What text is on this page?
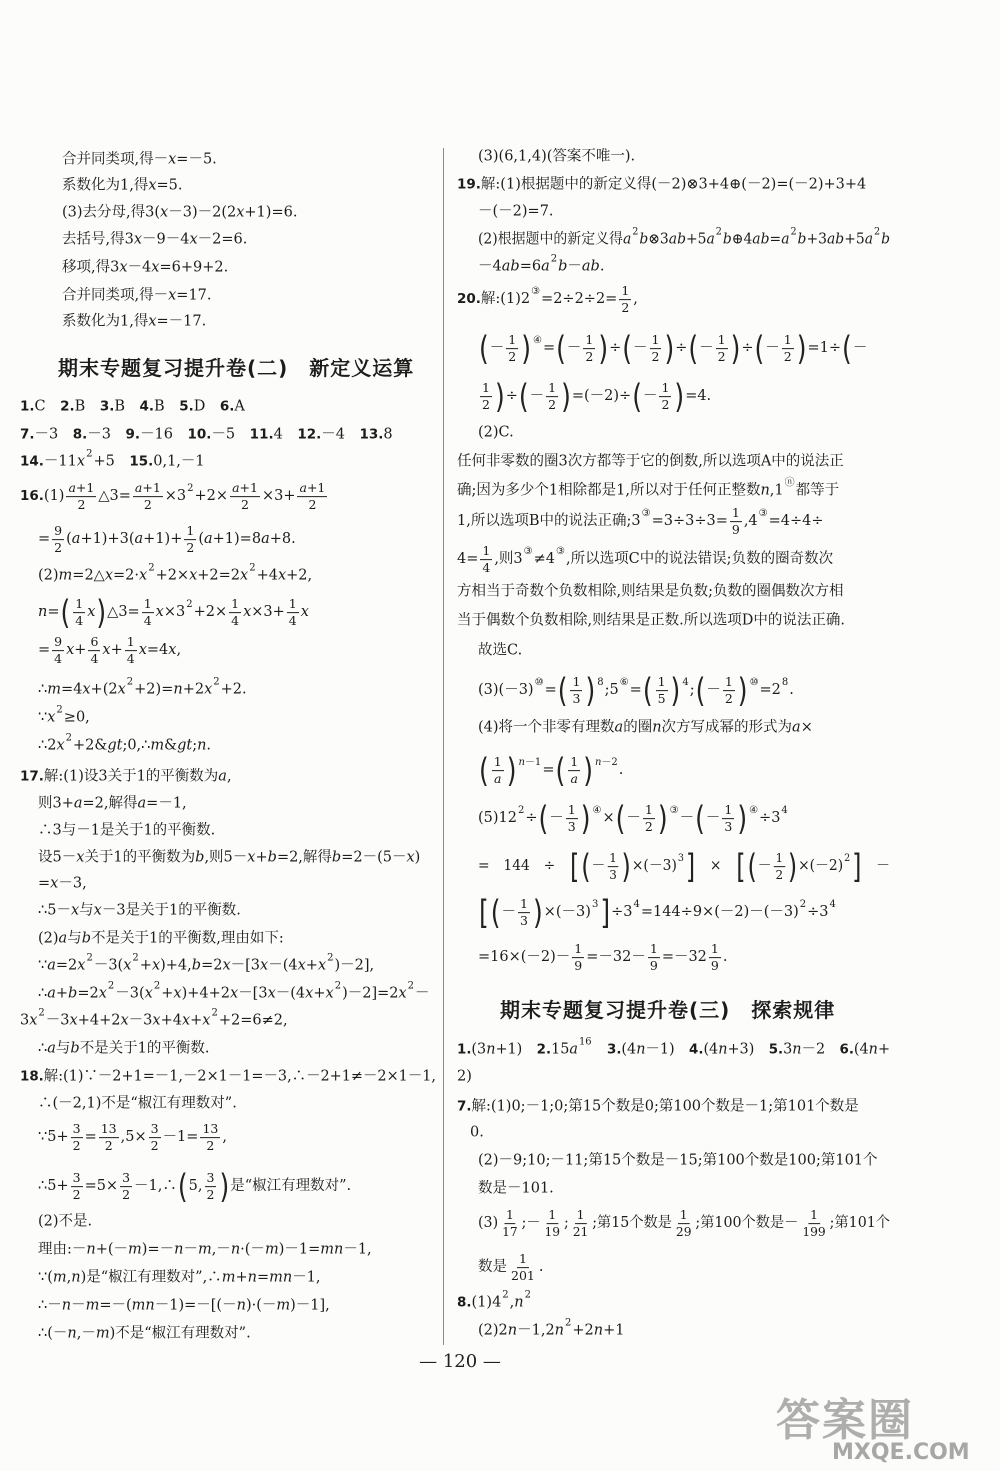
合并同类项,得－x=－5.
系数化为1,得x=5.
(3)去分母,得3(x－3)－2(2x+1)=6.
去括号,得3x－9－4x－2=6.
移项,得3x－4x=6+9+2.
合并同类项,得－x=17.
系数化为1,得x=－17.
期末专题复习提升卷(二)　新定义运算
1. C　 2. B　 3. B　 4. B　 5. D　 6. A
7. －3　 8. －3　 9. －16　 10. －5　 11. 4　 12. －4　 13. 8
14. －11x 2 +5　 15. 0,1,－1
16. $(1) \frac{a+1}{2}$ △3= $\frac{a+1}{2} \times 3$ $2 +2\times \frac{a+1}{2} \times 3+ \frac{a+1}{2}$
= $\frac{9}{2} (a+1)+3(a+1)+ \frac{1}{2} (a+1)=8a+8$.
(2)m=2△x=2·x 2 +2×x+2=2x 2 +4x+2,
n= ( $\frac{1}{4}$ x ) △3= $\frac{1}{4} x\times 3$ $2 +2\times \frac{1}{4} x\times 3+ \frac{1}{4}$ x
= $\frac{9}{4} x+ \frac{6}{4} x+ \frac{1}{4} x=4x$,
∴m=4x+(2x 2 +2)=n+2x 2 +2.
∵x 2 ≥0,
∴2x 2 +2&gt;0,∴m&gt;n.
17. 解:(1)设3关于1的平衡数为a,
则3+a=2,解得a=－1,
∴3与－1是关于1的平衡数.
设5－x关于1的平衡数为b,则5－x+b=2,解得b=2－(5－x)
=x－3,
∴5－x与x－3是关于1的平衡数.
(2)a与b不是关于1的平衡数,理由如下:
∵a=2x 2 －3(x 2 +x)+4,b=2x－[3x－(4x+x 2 )－2],
∴a+b=2x 2 －3(x 2 +x)+4+2x－[3x－(4x+x 2 )－2]=2x 2 －
3x 2 －3x+4+2x－3x+4x+x 2 +2=6≠2,
∴a与b不是关于1的平衡数.
18. 解:(1)∵－2+1=－1,－2×1－1=－3,∴－2+1≠－2×1－1,
∴(－2,1)不是“椒江有理数对”.
∵5+ $\frac{3}{2} = \frac{13}{2} ,5\times \frac{3}{2} -1= \frac{13}{2}$ ,
∴5+ $\frac{3}{2} =5\times \frac{3}{2}$ －1,∴ ( 5, $\frac{3}{2}$ ) 是“椒江有理数对”.
(2)不是.
理由:－n+(－m)=－n－m,－n·(－m)－1=mn－1,
∵(m,n)是“椒江有理数对”,∴m+n=mn－1,
∴－n－m=－(mn－1)=－[(－n)·(－m)－1],
∴(－n,－m)不是“椒江有理数对”.
(3)(6,1,4)(答案不唯一).
19. 解:(1)根据题中的新定义得(－2)⊗3+4⊕(－2)=(－2)+3+4
－(－2)=7.
(2)根据题中的新定义得a 2 b⊗3ab+5a 2 b⊕4ab=a 2 b+3ab+5a 2 b
－4ab=6a 2 b－ab.
20. 解:(1)2 ③ $=2\div 2\div 2= \frac{1}{2}$ ,
( － $\frac{1}{2}$ ) ④ = ( － $\frac{1}{2}$ ) ÷ ( － $\frac{1}{2}$ ) ÷ ( － $\frac{1}{2}$ ) ÷ ( － $\frac{1}{2}$ ) =1÷ ( －
$\frac{1}{2}$ ) ÷ ( － $\frac{1}{2}$ ) =(－2)÷ ( － $\frac{1}{2}$ ) =4.
(2)C.
任何非零数的圈3次方都等于它的倒数,所以选项A中的说法正
确;因为多少个1相除都是1,所以对于任何正整数n,1 ⓝ 都等于
1,所以选项B中的说法正确;3 ③ $=3\div 3\div 3= \frac{1}{9} ,4$ ③ =4÷4÷
$4= \frac{1}{4}$ ,则3 ③ ≠4 ③ ,所以选项C中的说法错误;负数的圈奇数次
方相当于奇数个负数相除,则结果是负数;负数的圈偶数次方相
当于偶数个负数相除,则结果是正数.所以选项D中的说法正确.
故选C.
(3)(－3) ⑩ = ( $\frac{1}{3}$ ) 8 ;5 ⑥ = ( $\frac{1}{5}$ ) 4 ; ( － $\frac{1}{2}$ ) ⑩ =2 8 .
(4)将一个非零有理数a的圈n次方写成幂的形式为a×
( $\frac{1}{a}$ ) n－1 = ( $\frac{1}{a}$ ) n－2 .
(5)12 2 ÷ ( － $\frac{1}{3}$ ) ④ × ( － $\frac{1}{2}$ ) ③ － ( － $\frac{1}{3}$ ) ④ ÷3 4
=　144　÷　 [ ( － $\frac{1}{3}$ ) ×(－3) 3 ] 　×　 [ ( － $\frac{1}{2}$ ) ×(－2) 2 ] 　－
[ ( － $\frac{1}{3}$ ) ×(－3) 3 ] ÷3 4 =144÷9×(－2)－(－3) 2 ÷3 4
$=16\times(-2)- \frac{1}{9} =-32- \frac{1}{9} =-32 \frac{1}{9}$ .
期末专题复习提升卷(三)　探索规律
1. (3n+1)　 2. 15a 16
　 3. (4n－1)　 4. (4n+3)　 5. 3n－2　 6. (4n+
2)
7. 解:(1)0;－1;0;第15个数是0;第100个数是－1;第101个数是
0.
(2)－9;10;－11;第15个数是－15;第100个数是100;第101个
数是－101.
$(3) \frac{1}{17}$ ;－ $\frac{1}{19}$ ; $\frac{1}{21}$ ;第15个数是 $\frac{1}{29}$ ;第100个数是－ $\frac{1}{199}$ ;第101个
数是 $\frac{1}{201}$ .
8. (1)4 2 ,n 2
(2)2n－1,2n 2 +2n+1
— 120 —
答案圈
MXQE.COM
